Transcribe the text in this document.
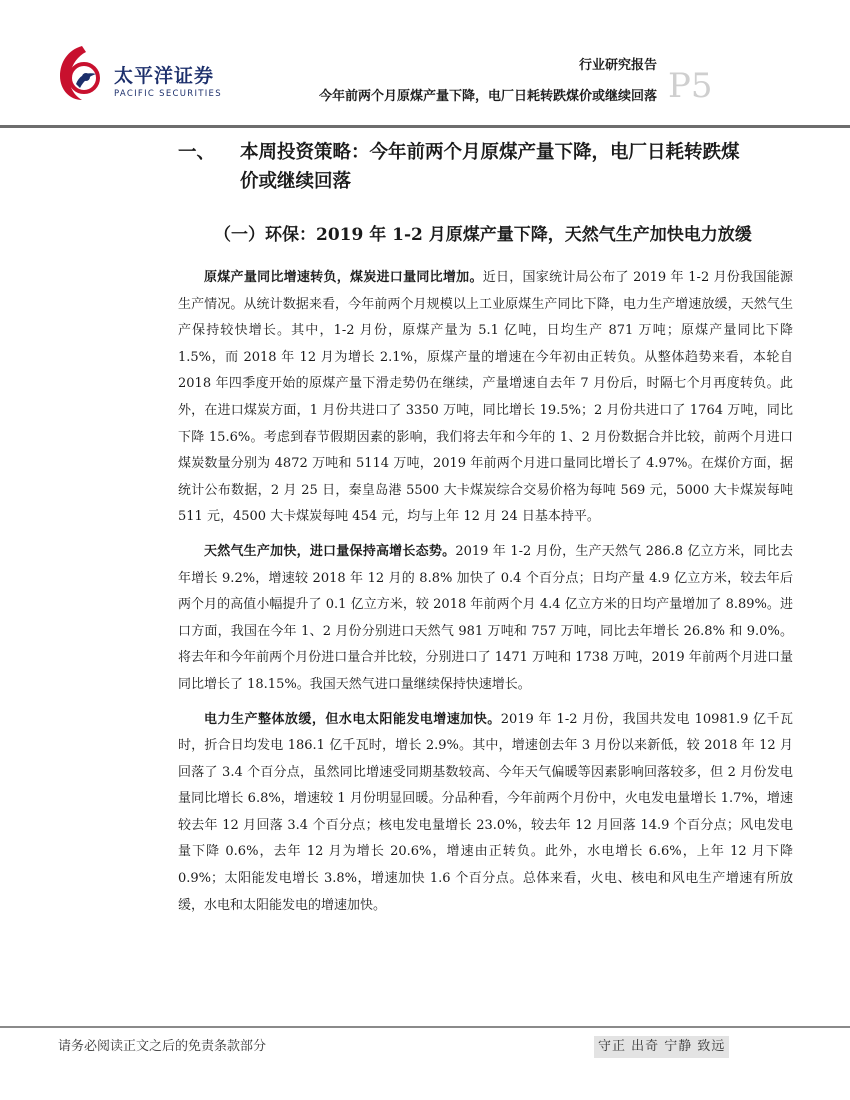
太平洋证券
PACIFIC SECURITIES
行业研究报告
今年前两个月原煤产量下降，电厂日耗转跌煤价或继续回落 P5
一、 本周投资策略：今年前两个月原煤产量下降，电厂日耗转跌煤
价或继续回落
（一）环保：2019 年 1-2 月原煤产量下降，天然气生产加快电力放缓

原煤产量同比增速转负，煤炭进口量同比增加。近日，国家统计局公布了 2019 年 1-2 月份我国能源生产情况。从统计数据来看，今年前两个月规模以上工业原煤生产同比下降，电力生产增速放缓，天然气生产保持较快增长。其中，1-2 月份，原煤产量为 5.1 亿吨，日均生产 871 万吨；原煤产量同比下降 1.5%，而 2018 年 12 月为增长 2.1%，原煤产量的增速在今年初由正转负。从整体趋势来看，本轮自 2018 年四季度开始的原煤产量下滑走势仍在继续，产量增速自去年 7 月份后，时隔七个月再度转负。此外，在进口煤炭方面，1 月份共进口了 3350 万吨，同比增长 19.5%；2 月份共进口了 1764 万吨，同比下降 15.6%。考虑到春节假期因素的影响，我们将去年和今年的 1、2 月份数据合并比较，前两个月进口煤炭数量分别为 4872 万吨和 5114 万吨，2019 年前两个月进口量同比增长了 4.97%。在煤价方面，据统计公布数据，2 月 25 日，秦皇岛港 5500 大卡煤炭综合交易价格为每吨 569 元，5000 大卡煤炭每吨 511 元，4500 大卡煤炭每吨 454 元，均与上年 12 月 24 日基本持平。

天然气生产加快，进口量保持高增长态势。2019 年 1-2 月份，生产天然气 286.8 亿立方米，同比去年增长 9.2%，增速较 2018 年 12 月的 8.8% 加快了 0.4 个百分点；日均产量 4.9 亿立方米，较去年后两个月的高值小幅提升了 0.1 亿立方米，较 2018 年前两个月 4.4 亿立方米的日均产量增加了 8.89%。进口方面，我国在今年 1、2 月份分别进口天然气 981 万吨和 757 万吨，同比去年增长 26.8% 和 9.0%。将去年和今年前两个月份进口量合并比较，分别进口了 1471 万吨和 1738 万吨，2019 年前两个月进口量同比增长了 18.15%。我国天然气进口量继续保持快速增长。

电力生产整体放缓，但水电太阳能发电增速加快。2019 年 1-2 月份，我国共发电 10981.9 亿千瓦时，折合日均发电 186.1 亿千瓦时，增长 2.9%。其中，增速创去年 3 月份以来新低，较 2018 年 12 月回落了 3.4 个百分点，虽然同比增速受同期基数较高、今年天气偏暖等因素影响回落较多，但 2 月份发电量同比增长 6.8%，增速较 1 月份明显回暖。分品种看，今年前两个月份中，火电发电量增长 1.7%，增速较去年 12 月回落 3.4 个百分点；核电发电量增长 23.0%，较去年 12 月回落 14.9 个百分点；风电发电量下降 0.6%，去年 12 月为增长 20.6%，增速由正转负。此外，水电增长 6.6%，上年 12 月下降 0.9%；太阳能发电增长 3.8%，增速加快 1.6 个百分点。总体来看，火电、核电和风电生产增速有所放缓，水电和太阳能发电的增速加快。

请务必阅读正文之后的免责条款部分	守正 出奇 宁静 致远
